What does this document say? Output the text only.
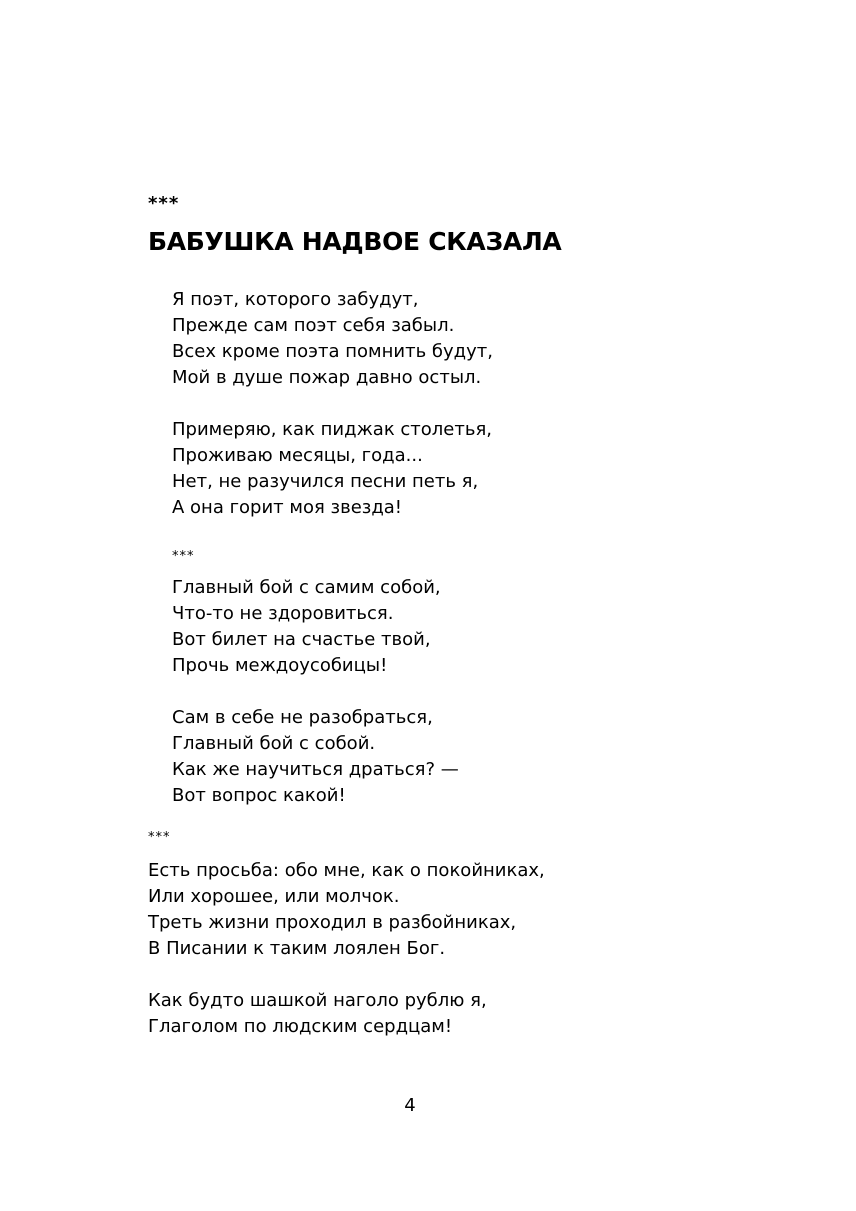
***
БАБУШКА НАДВОЕ СКАЗАЛА
Я поэт, которого забудут,
Прежде сам поэт себя забыл.
Всех кроме поэта помнить будут,
Мой в душе пожар давно остыл.
Примеряю, как пиджак столетья,
Проживаю месяцы, года...
Нет, не разучился песни петь я,
А она горит моя звезда!
***
Главный бой с самим собой,
Что-то не здоровиться.
Вот билет на счастье твой,
Прочь междоусобицы!
Сам в себе не разобраться,
Главный бой с собой.
Как же научиться драться? —
Вот вопрос какой!
***
Есть просьба: обо мне, как о покойниках,
Или хорошее, или молчок.
Треть жизни проходил в разбойниках,
В Писании к таким лоялен Бог.
Как будто шашкой наголо рублю я,
Глаголом по людским сердцам!
4
